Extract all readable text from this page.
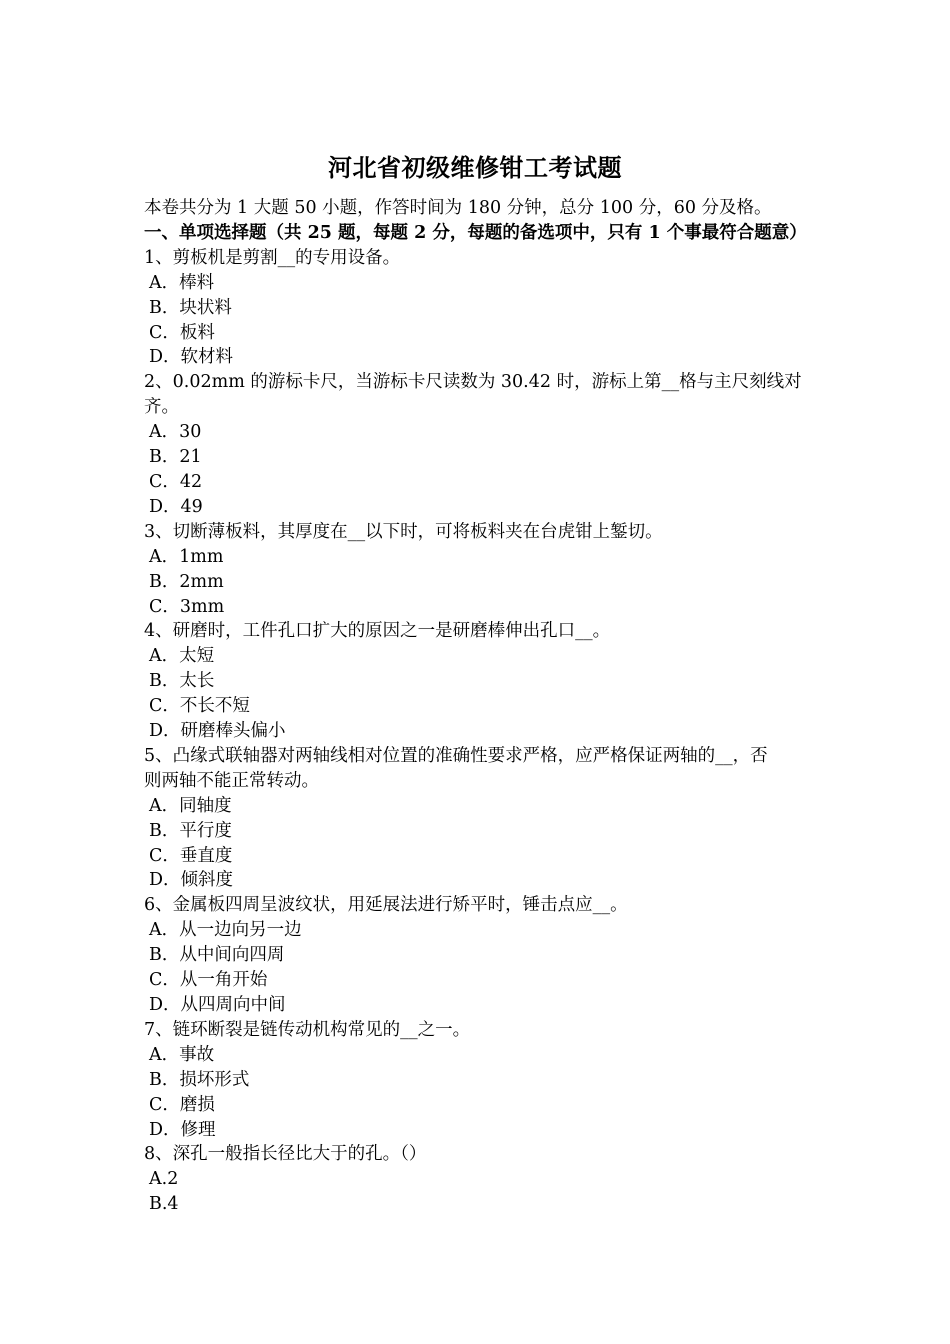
河北省初级维修钳工考试题
本卷共分为 1 大题 50 小题，作答时间为 180 分钟，总分 100 分，60 分及格。
一、单项选择题（共 25 题，每题 2 分，每题的备选项中，只有 1 个事最符合题意）
1、剪板机是剪割__的专用设备。
A．棒料
B．块状料
C．板料
D．软材料
2、0.02mm 的游标卡尺，当游标卡尺读数为 30.42 时，游标上第__格与主尺刻线对
齐。
A．30
B．21
C．42
D．49
3、切断薄板料，其厚度在__以下时，可将板料夹在台虎钳上錾切。
A．1mm
B．2mm
C．3mm
4、研磨时，工件孔口扩大的原因之一是研磨棒伸出孔口__。
A．太短
B．太长
C．不长不短
D．研磨棒头偏小
5、凸缘式联轴器对两轴线相对位置的准确性要求严格，应严格保证两轴的__，否
则两轴不能正常转动。
A．同轴度
B．平行度
C．垂直度
D．倾斜度
6、金属板四周呈波纹状，用延展法进行矫平时，锤击点应__。
A．从一边向另一边
B．从中间向四周
C．从一角开始
D．从四周向中间
7、链环断裂是链传动机构常见的__之一。
A．事故
B．损坏形式
C．磨损
D．修理
8、深孔一般指长径比大于的孔。（）
A.2
B.4
